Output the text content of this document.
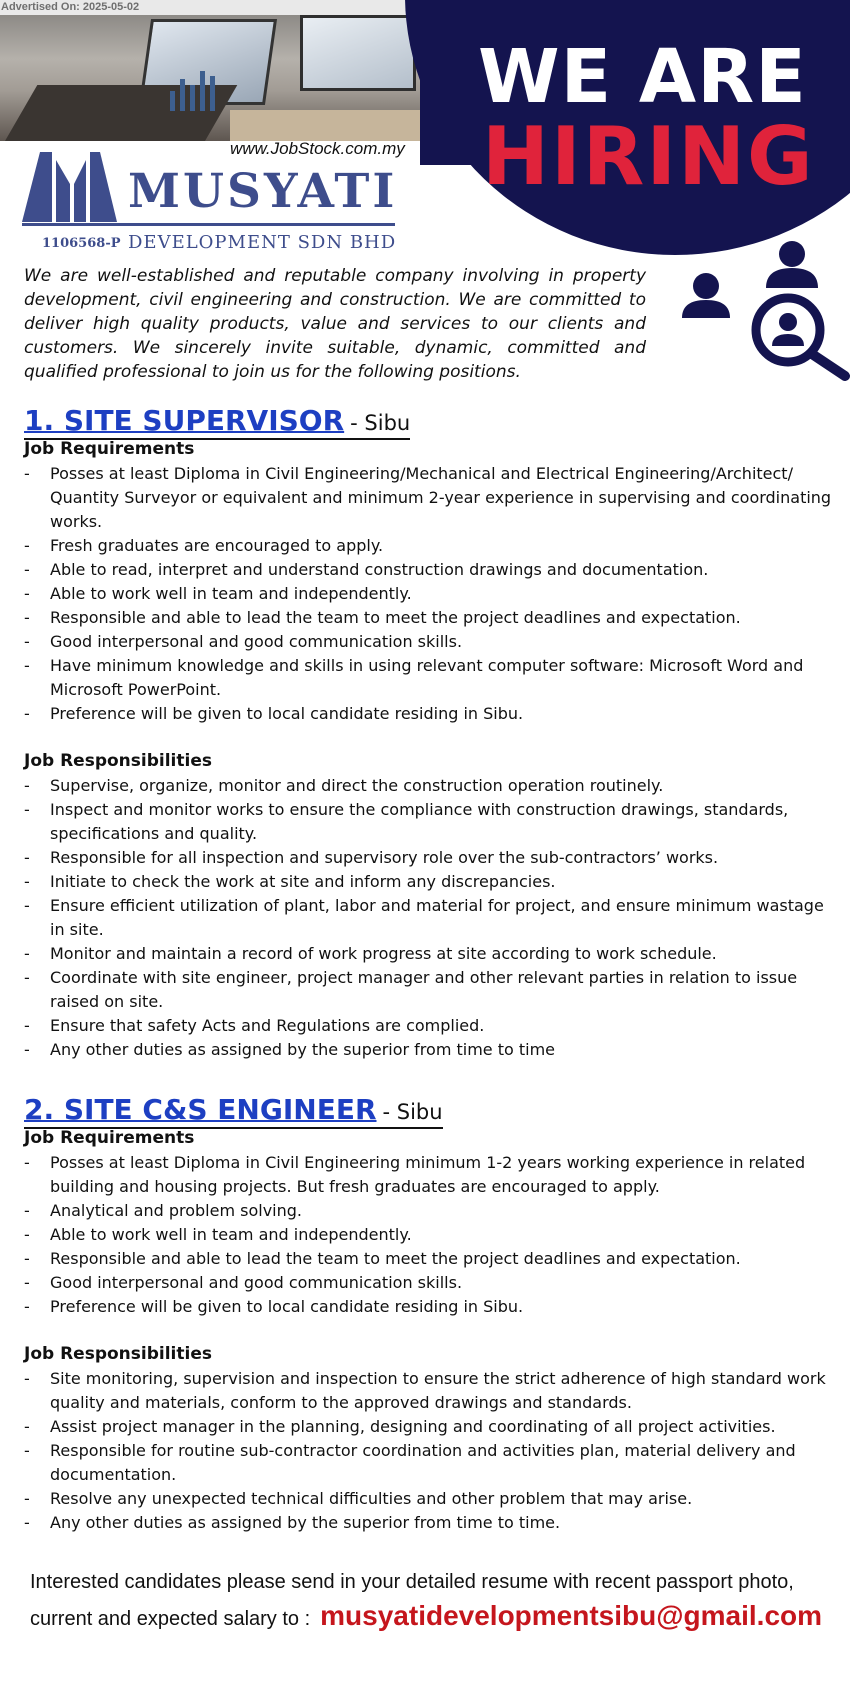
Advertised On: 2025-05-02
WE ARE
HIRING
www.JobStock.com.my
MUSYATI
1106568-P DEVELOPMENT SDN BHD
We are well-established and reputable company involving in property development, civil engineering and construction. We are committed to deliver high quality products, value and services to our clients and customers. We sincerely invite suitable, dynamic, committed and qualified professional to join us for the following positions.
1. SITE SUPERVISOR - Sibu
Job Requirements
- Posses at least Diploma in Civil Engineering/Mechanical and Electrical Engineering/Architect/ Quantity Surveyor or equivalent and minimum 2-year experience in supervising and coordinating works.
- Fresh graduates are encouraged to apply.
- Able to read, interpret and understand construction drawings and documentation.
- Able to work well in team and independently.
- Responsible and able to lead the team to meet the project deadlines and expectation.
- Good interpersonal and good communication skills.
- Have minimum knowledge and skills in using relevant computer software: Microsoft Word and Microsoft PowerPoint.
- Preference will be given to local candidate residing in Sibu.
Job Responsibilities
- Supervise, organize, monitor and direct the construction operation routinely.
- Inspect and monitor works to ensure the compliance with construction drawings, standards, specifications and quality.
- Responsible for all inspection and supervisory role over the sub-contractors’ works.
- Initiate to check the work at site and inform any discrepancies.
- Ensure efficient utilization of plant, labor and material for project, and ensure minimum wastage in site.
- Monitor and maintain a record of work progress at site according to work schedule.
- Coordinate with site engineer, project manager and other relevant parties in relation to issue raised on site.
- Ensure that safety Acts and Regulations are complied.
- Any other duties as assigned by the superior from time to time
2. SITE C&S ENGINEER - Sibu
Job Requirements
- Posses at least Diploma in Civil Engineering minimum 1-2 years working experience in related building and housing projects. But fresh graduates are encouraged to apply.
- Analytical and problem solving.
- Able to work well in team and independently.
- Responsible and able to lead the team to meet the project deadlines and expectation.
- Good interpersonal and good communication skills.
- Preference will be given to local candidate residing in Sibu.
Job Responsibilities
- Site monitoring, supervision and inspection to ensure the strict adherence of high standard work quality and materials, conform to the approved drawings and standards.
- Assist project manager in the planning, designing and coordinating of all project activities.
- Responsible for routine sub-contractor coordination and activities plan, material delivery and documentation.
- Resolve any unexpected technical difficulties and other problem that may arise.
- Any other duties as assigned by the superior from time to time.
Interested candidates please send in your detailed resume with recent passport photo,
current and expected salary to : musyatidevelopmentsibu@gmail.com
